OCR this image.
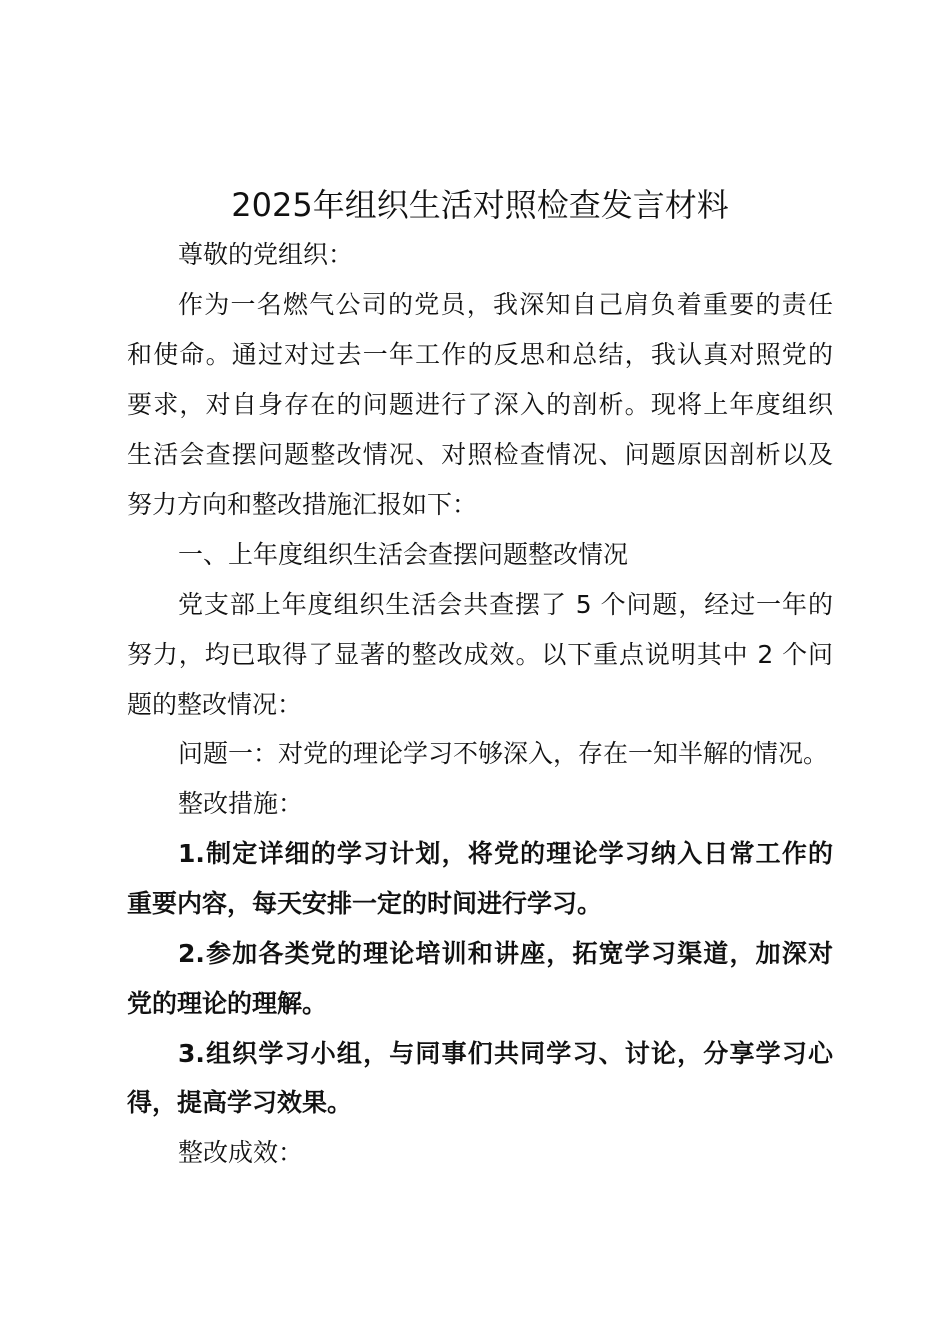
2025年组织生活对照检查发言材料
尊敬的党组织：
作为一名燃气公司的党员，我深知自己肩负着重要的责任
和使命。通过对过去一年工作的反思和总结，我认真对照党的
要求，对自身存在的问题进行了深入的剖析。现将上年度组织
生活会查摆问题整改情况、对照检查情况、问题原因剖析以及
努力方向和整改措施汇报如下：
一、上年度组织生活会查摆问题整改情况
党支部上年度组织生活会共查摆了 5 个问题，经过一年的
努力，均已取得了显著的整改成效。以下重点说明其中 2 个问
题的整改情况：
问题一：对党的理论学习不够深入，存在一知半解的情况。
整改措施：
1.制定详细的学习计划，将党的理论学习纳入日常工作的
重要内容，每天安排一定的时间进行学习。
2.参加各类党的理论培训和讲座，拓宽学习渠道，加深对
党的理论的理解。
3.组织学习小组，与同事们共同学习、讨论，分享学习心
得，提高学习效果。
整改成效：
